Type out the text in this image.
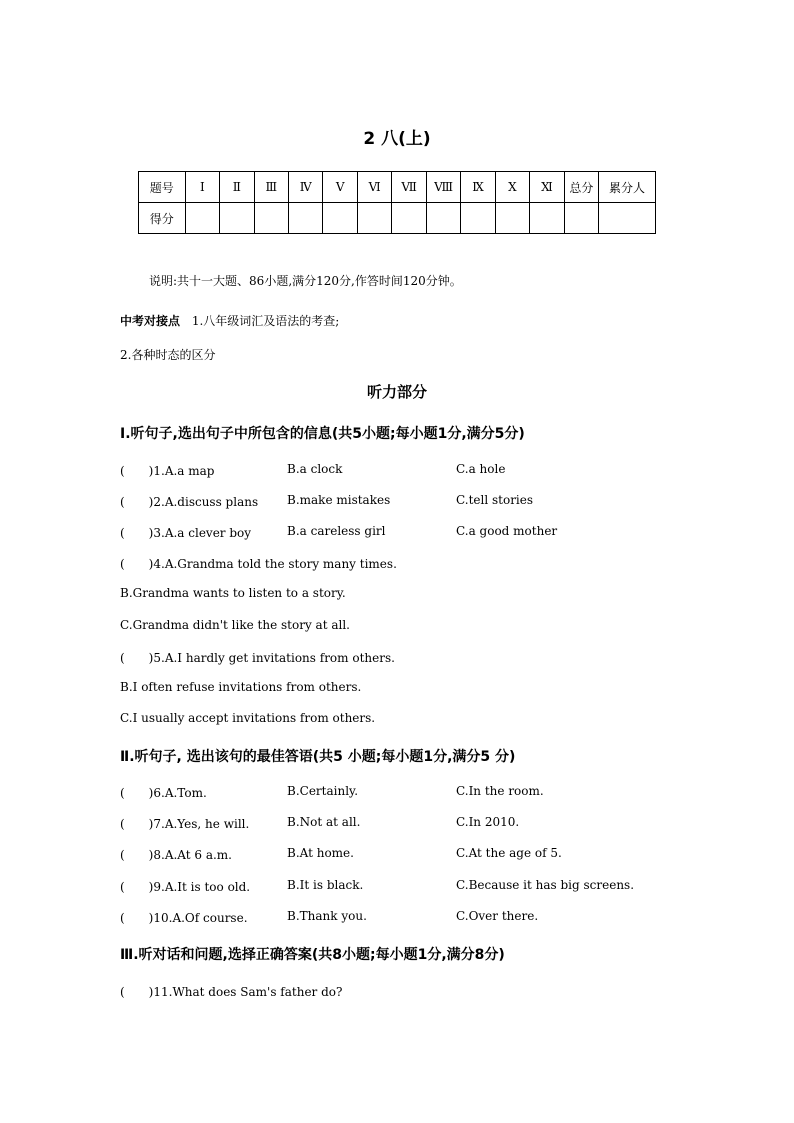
2 八(上)
题号	Ⅰ	Ⅱ	Ⅲ	Ⅳ	Ⅴ	Ⅵ	Ⅶ	Ⅷ	Ⅸ	Ⅹ	Ⅺ	总分	累分人
得分													
说明:共十一大题、86小题,满分120分,作答时间120分钟。
中考对接点 1.八年级词汇及语法的考查;
2.各种时态的区分
听力部分
Ⅰ.听句子,选出句子中所包含的信息(共5小题;每小题1分,满分5分)
(　　)1.A.a map	B.a clock	C.a hole
(　　)2.A.discuss plans B.make mistakes	C.tell stories
(　　)3.A.a clever boy	B.a careless girl	C.a good mother
(　　)4.A.Grandma told the story many times.
B.Grandma wants to listen to a story.
C.Grandma didn't like the story at all.
(　　)5.A.I hardly get invitations from others.
B.I often refuse invitations from others.
C.I usually accept invitations from others.
Ⅱ.听句子, 选出该句的最佳答语(共5 小题;每小题1分,满分5 分)
(　　)6.A.Tom.	B.Certainly.	C.In the room.
(　　)7.A.Yes, he will.	B.Not at all.	C.In 2010.
(　　)8.A.At 6 a.m.	B.At home.	C.At the age of 5.
(　　)9.A.It is too old.	B.It is black.	C.Because it has big screens.
(　　)10.A.Of course.	B.Thank you.	C.Over there.
Ⅲ.听对话和问题,选择正确答案(共8小题;每小题1分,满分8分)
(　　)11.What does Sam's father do?
